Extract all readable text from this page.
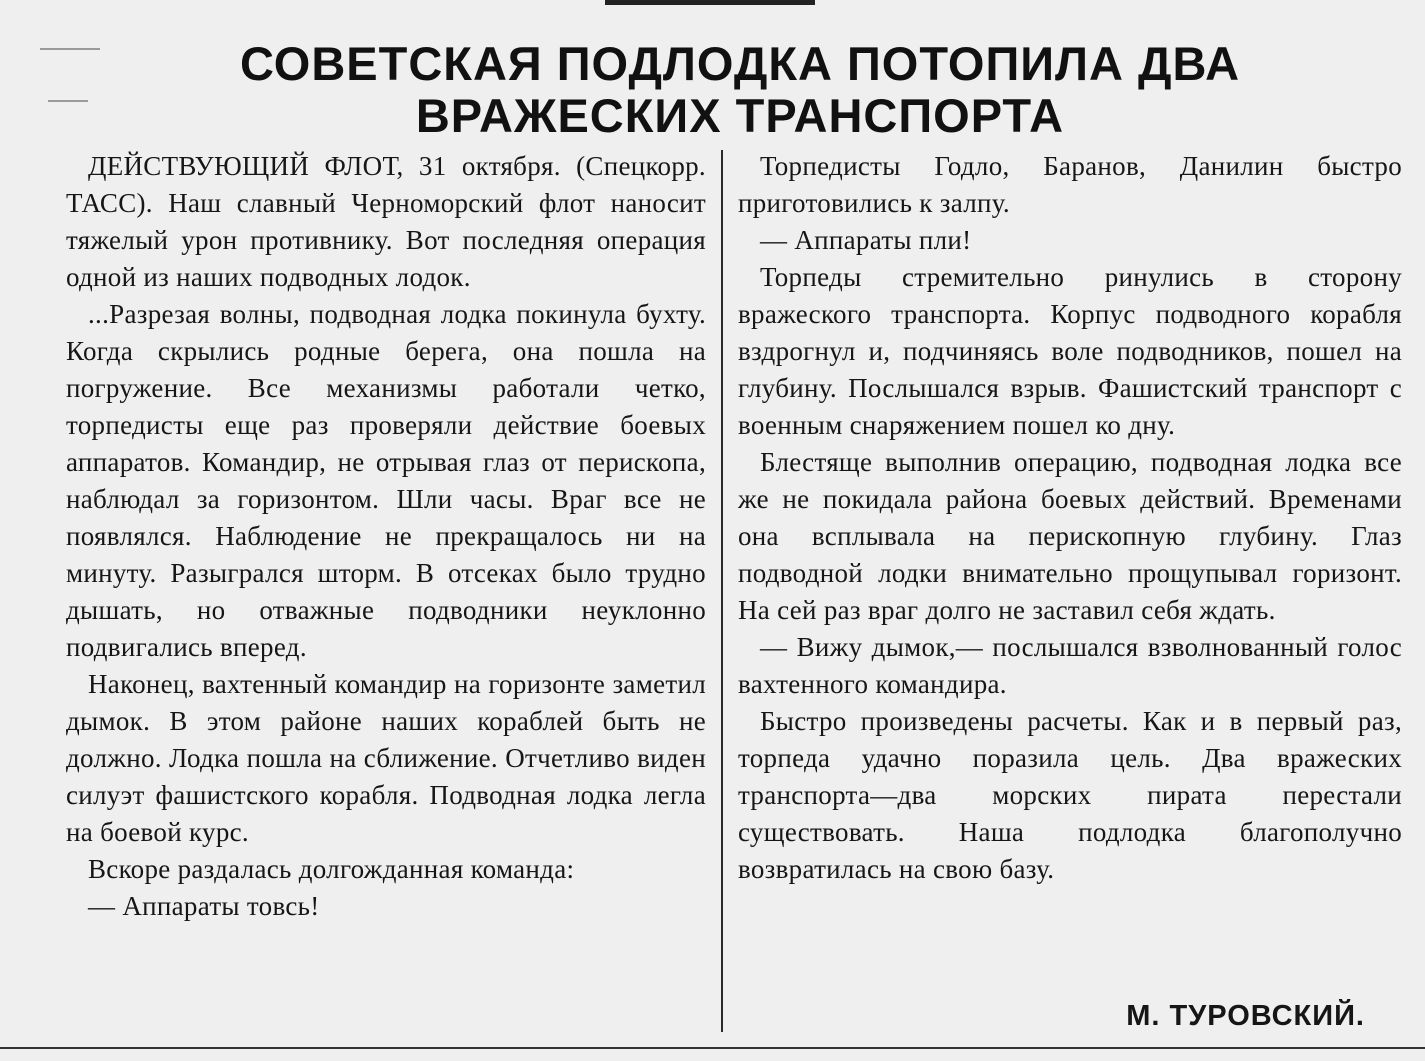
СОВЕТСКАЯ ПОДЛОДКА ПОТОПИЛА ДВА
ВРАЖЕСКИХ ТРАНСПОРТА

ДЕЙСТВУЮЩИЙ ФЛОТ, 31 октября. (Спецкорр. ТАСС). Наш славный Черноморский флот наносит тяжелый урон противнику. Вот последняя операция одной из наших подводных лодок.

...Разрезая волны, подводная лодка покинула бухту. Когда скрылись родные берега, она пошла на погружение. Все механизмы работали четко, торпедисты еще раз проверяли действие боевых аппаратов. Командир, не отрывая глаз от перископа, наблюдал за горизонтом. Шли часы. Враг все не появлялся. Наблюдение не прекращалось ни на минуту. Разыгрался шторм. В отсеках было трудно дышать, но отважные подводники неуклонно подвигались вперед.

Наконец, вахтенный командир на горизонте заметил дымок. В этом районе наших кораблей быть не должно. Лодка пошла на сближение. Отчетливо виден силуэт фашистского корабля. Подводная лодка легла на боевой курс.

Вскоре раздалась долгожданная команда:

— Аппараты товсь!

Торпедисты Годло, Баранов, Данилин быстро приготовились к залпу.

— Аппараты пли!

Торпеды стремительно ринулись в сторону вражеского транспорта. Корпус подводного корабля вздрогнул и, подчиняясь воле подводников, пошел на глубину. Послышался взрыв. Фашистский транспорт с военным снаряжением пошел ко дну.

Блестяще выполнив операцию, подводная лодка все же не покидала района боевых действий. Временами она всплывала на перископную глубину. Глаз подводной лодки внимательно прощупывал горизонт. На сей раз враг долго не заставил себя ждать.

— Вижу дымок,— послышался взволнованный голос вахтенного командира.

Быстро произведены расчеты. Как и в первый раз, торпеда удачно поразила цель. Два вражеских транспорта—два морских пирата перестали существовать. Наша подлодка благополучно возвратилась на свою базу.

М. ТУРОВСКИЙ.
